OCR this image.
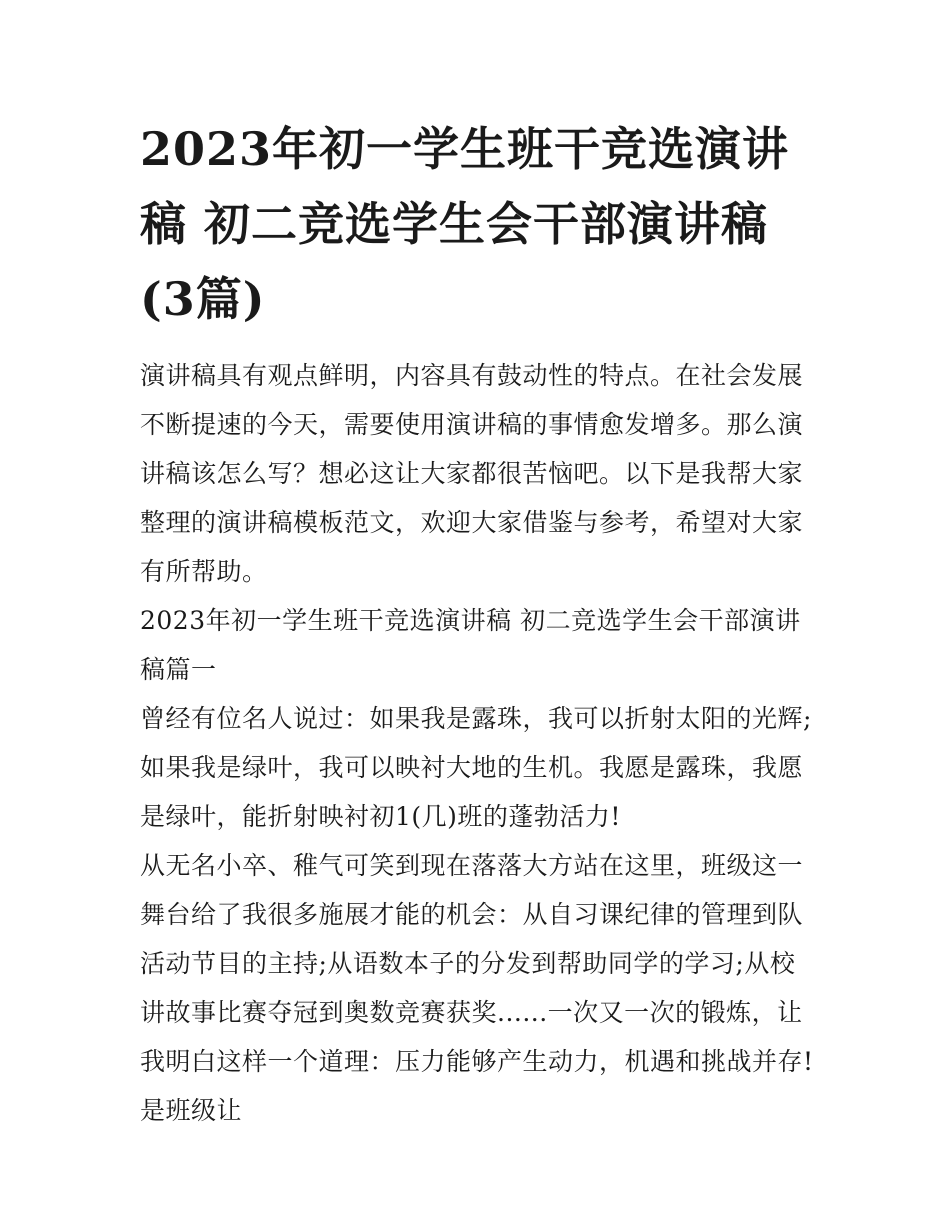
2023年初一学生班干竞选演讲稿 初二竞选学生会干部演讲稿(3篇)

演讲稿具有观点鲜明，内容具有鼓动性的特点。在社会发展不断提速的今天，需要使用演讲稿的事情愈发增多。那么演讲稿该怎么写？想必这让大家都很苦恼吧。以下是我帮大家整理的演讲稿模板范文，欢迎大家借鉴与参考，希望对大家有所帮助。

2023年初一学生班干竞选演讲稿 初二竞选学生会干部演讲稿篇一

曾经有位名人说过：如果我是露珠，我可以折射太阳的光辉;如果我是绿叶，我可以映衬大地的生机。我愿是露珠，我愿是绿叶，能折射映衬初1(几)班的蓬勃活力!

从无名小卒、稚气可笑到现在落落大方站在这里，班级这一舞台给了我很多施展才能的机会：从自习课纪律的管理到队活动节目的主持;从语数本子的分发到帮助同学的学习;从校讲故事比赛夺冠到奥数竞赛获奖......一次又一次的锻炼，让我明白这样一个道理：压力能够产生动力，机遇和挑战并存!是班级让
